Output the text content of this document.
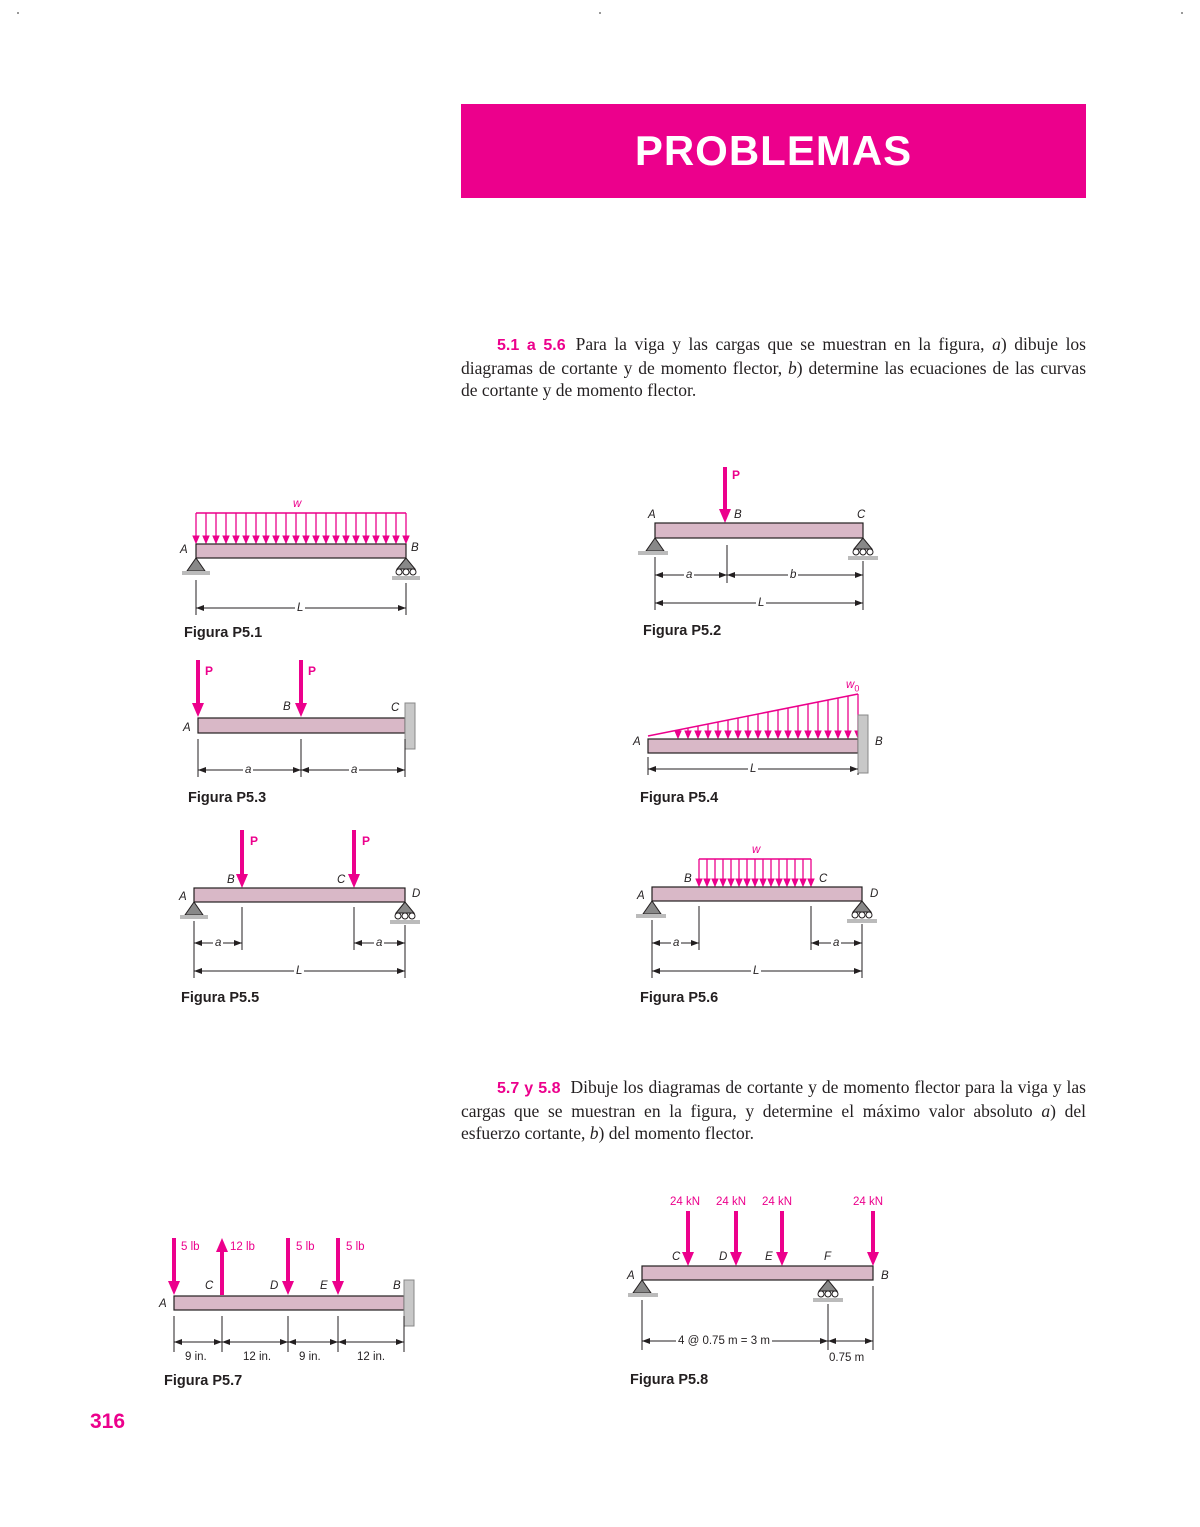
PROBLEMAS

5.1 a 5.6 Para la viga y las cargas que se muestran en la figura, a) dibuje los diagramas de cortante y de momento flector, b) determine las ecuaciones de las curvas de cortante y de momento flector.

w
A	B
L
Figura P5.1
P
A	B	C
a	b
L
Figura P5.2
P	P
A
B	C
a	a
Figura P5.3
$w_0$
A	B
L
Figura P5.4
P	P
A
B	C
D
a	a
L
Figura P5.5
w
A
B	C
D
a	a
L
Figura P5.6

5.7 y 5.8 Dibuje los diagramas de cortante y de momento flector para la viga y las cargas que se muestran en la figura, y determine el máximo valor absoluto a) del esfuerzo cortante, b) del momento flector.

5 lb	12 lb	5 lb	5 lb
A
C	D	E	B
9 in.	12 in. 9 in.	12 in.
Figura P5.7
24 kN 24 kN 24 kN	24 kN
A
C	D	E	F
B
4 @ 0.75 m = 3 m
0.75 m
Figura P5.8
316
